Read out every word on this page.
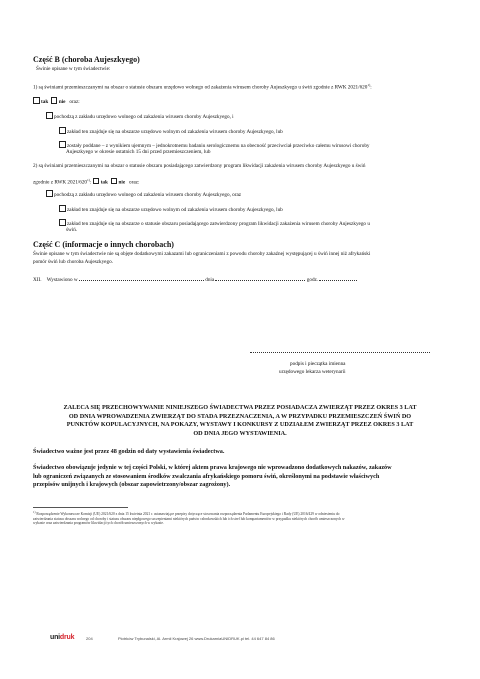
Część B (choroba Aujeszkyego)
Świnie opisane w tym świadectwie:
1) są świniami przemieszczanymi na obszar o statusie obszaru urzędowo wolnego od zakażenia wirusem choroby Aujeszkyego u świń zgodnie z RWK 2021/620$^{1)}$:
tak nie oraz:
pochodzą z zakładu urzędowo wolnego od zakażenia wirusem choroby Aujeszkyego, i
zakład ten znajduje się na obszarze urzędowo wolnym od zakażenia wirusem choroby Aujeszkyego, lub
zostały poddane – z wynikiem ujemnym – jednokrotnemu badaniu serologicznemu na obecność przeciwciał przeciwko całemu wirusowi choroby
Aujeszkyego w okresie ostatnich 15 dni przed przemieszczeniem, lub
2) są świniami przemieszczanymi na obszar o statusie obszaru posiadającego zatwierdzony program likwidacji zakażenia wirusem choroby Aujeszkyego u świń
zgodnie z RWK 2021/620$^{1)}$: tak nie oraz:
pochodzą z zakładu urzędowo wolnego od zakażenia wirusem choroby Aujeszkyego, oraz
zakład ten znajduje się na obszarze urzędowo wolnym od zakażenia wirusem choroby Aujeszkyego, lub
zakład ten znajduje się na obszarze o statusie obszaru posiadającego zatwierdzony program likwidacji zakażenia wirusem choroby Aujeszkyego u
świń.
Część C (informacje o innych chorobach)
Świnie opisane w tym świadectwie nie są objęte dodatkowymi zakazami lub ograniczeniami z powodu choroby zakaźnej występującej u świń innej niż afrykański
pomór świń lub choroba Aujeszkyego.
XII. Wystawiono w	dnia	godz.
podpis i pieczątka imienna
urzędowego lekarza weterynarii
ZALECA SIĘ PRZECHOWYWANIE NINIEJSZEGO ŚWIADECTWA PRZEZ POSIADACZA ZWIERZĄT PRZEZ OKRES 3 LAT
OD DNIA WPROWADZENIA ZWIERZĄT DO STADA PRZEZNACZENIA, A W PRZYPADKU PRZEMIESZCZEŃ ŚWIŃ DO
PUNKTÓW KOPULACYJNYCH, NA POKAZY, WYSTAWY I KONKURSY Z UDZIAŁEM ZWIERZĄT PRZEZ OKRES 3 LAT
OD DNIA JEGO WYSTAWIENIA.
Świadectwo ważne jest przez 48 godzin od daty wystawienia świadectwa.
Świadectwo obowiązuje jedynie w tej części Polski, w której aktem prawa krajowego nie wprowadzono dodatkowych nakazów, zakazów
lub ograniczeń związanych ze stosowaniem środków zwalczania afrykańskiego pomoru świń, określonymi na podstawie właściwych
przepisów unijnych i krajowych (obszar zapowietrzony/obszar zagrożony).
$^{1)}$ Rozporządzenie Wykonawcze Komisji (UE) 2021/620 z dnia 15 kwietnia 2021 r. ustanawiające przepisy dotyczące stosowania rozporządzenia Parlamentu Europejskiego i Rady (UE) 2016/429 w odniesieniu do
zatwierdzania statusu obszaru wolnego od choroby i statusu obszaru niepłgowego szczepieniami niektórych państw członkowskich lub ich stref lub kompartamentów w przypadku niektórych chorób umieszczonych w
wykazie oraz zatwierdzania programów likwidacji tych chorób umieszczonych w wykazie.
unidruk	204	Piotrków Trybunalski, Al. Armii Krajowej 26 www.DrukarniaUNIDRUK.pl tel. 44 647 84 86
